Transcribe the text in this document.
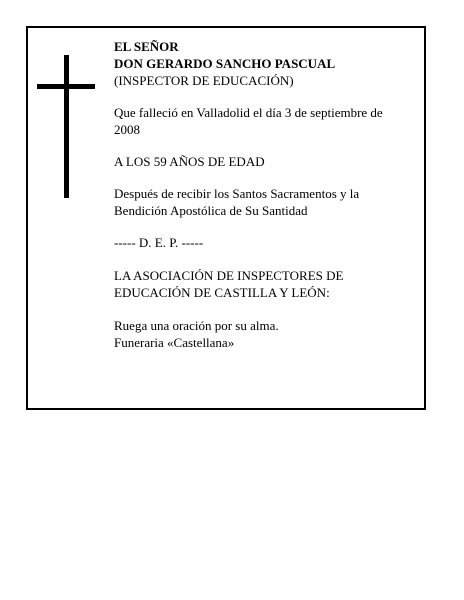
EL SEÑOR

DON GERARDO SANCHO PASCUAL

(INSPECTOR DE EDUCACIÓN)

Que falleció en Valladolid el día 3 de septiembre de 2008

A LOS 59 AÑOS DE EDAD

Después de recibir los Santos Sacramentos y la Bendición Apostólica de Su Santidad

----- D. E. P. -----

LA ASOCIACIÓN DE INSPECTORES DE EDUCACIÓN DE CASTILLA Y LEÓN:

Ruega una oración por su alma.

Funeraria «Castellana»
